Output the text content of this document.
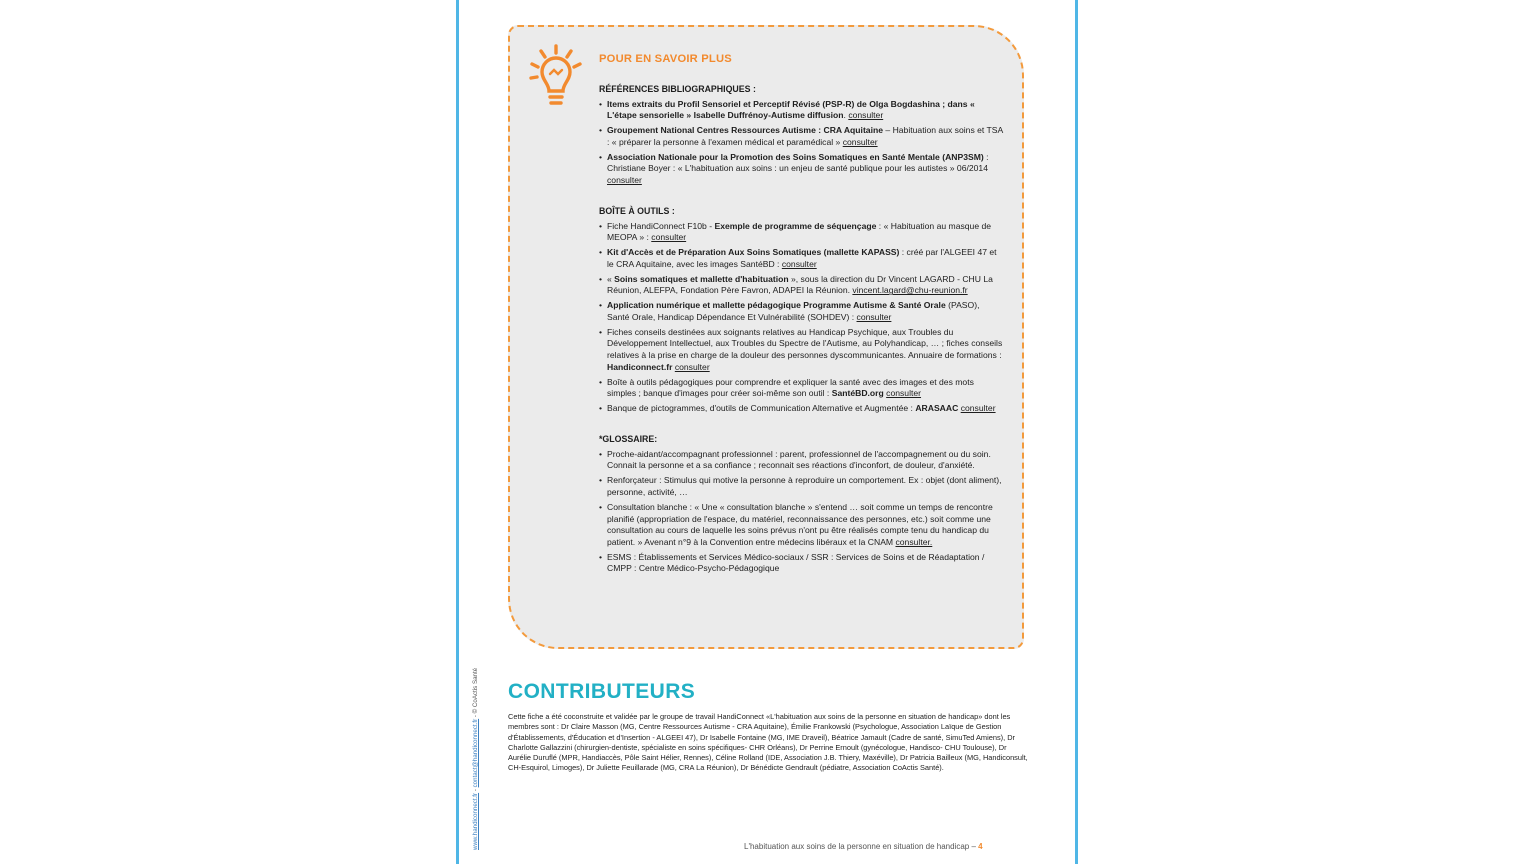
www.handiconnect.fr - contact@handiconnect.fr - © CoActis Santé
POUR EN SAVOIR PLUS
RÉFÉRENCES BIBLIOGRAPHIQUES :
• Items extraits du Profil Sensoriel et Perceptif Révisé (PSP-R) de Olga Bogdashina ; dans « L'étape sensorielle » Isabelle Duffrénoy-Autisme diffusion. consulter
• Groupement National Centres Ressources Autisme : CRA Aquitaine – Habituation aux soins et TSA : « préparer la personne à l'examen médical et paramédical » consulter
• Association Nationale pour la Promotion des Soins Somatiques en Santé Mentale (ANP3SM) : Christiane Boyer : « L'habituation aux soins : un enjeu de santé publique pour les autistes » 06/2014 consulter
BOÎTE À OUTILS :
• Fiche HandiConnect F10b - Exemple de programme de séquençage : « Habituation au masque de MEOPA » : consulter
• Kit d'Accès et de Préparation Aux Soins Somatiques (mallette KAPASS) : créé par l'ALGEEI 47 et le CRA Aquitaine, avec les images SantéBD : consulter
• « Soins somatiques et mallette d'habituation », sous la direction du Dr Vincent LAGARD - CHU La Réunion, ALEFPA, Fondation Père Favron, ADAPEI la Réunion. vincent.lagard@chu-reunion.fr
• Application numérique et mallette pédagogique Programme Autisme & Santé Orale (PASO), Santé Orale, Handicap Dépendance Et Vulnérabilité (SOHDEV) : consulter
• Fiches conseils destinées aux soignants relatives au Handicap Psychique, aux Troubles du Développement Intellectuel, aux Troubles du Spectre de l'Autisme, au Polyhandicap, … ; fiches conseils relatives à la prise en charge de la douleur des personnes dyscommunicantes. Annuaire de formations : Handiconnect.fr consulter
• Boîte à outils pédagogiques pour comprendre et expliquer la santé avec des images et des mots simples ; banque d'images pour créer soi-même son outil : SantéBD.org consulter
• Banque de pictogrammes, d'outils de Communication Alternative et Augmentée : ARASAAC consulter
*GLOSSAIRE:
• Proche-aidant/accompagnant professionnel : parent, professionnel de l'accompagnement ou du soin. Connait la personne et a sa confiance ; reconnait ses réactions d'inconfort, de douleur, d'anxiété.
• Renforçateur : Stimulus qui motive la personne à reproduire un comportement. Ex : objet (dont aliment), personne, activité, …
• Consultation blanche : « Une « consultation blanche » s'entend … soit comme un temps de rencontre planifié (appropriation de l'espace, du matériel, reconnaissance des personnes, etc.) soit comme une consultation au cours de laquelle les soins prévus n'ont pu être réalisés compte tenu du handicap du patient. » Avenant n°9 à la Convention entre médecins libéraux et la CNAM consulter.
• ESMS : Établissements et Services Médico-sociaux / SSR : Services de Soins et de Réadaptation / CMPP : Centre Médico-Psycho-Pédagogique
CONTRIBUTEURS
Cette fiche a été coconstruite et validée par le groupe de travail HandiConnect «L'habituation aux soins de la personne en situation de handicap» dont les membres sont : Dr Claire Masson (MG, Centre Ressources Autisme - CRA Aquitaine), Émilie Frankowski (Psychologue, Association Laïque de Gestion d'Établissements, d'Éducation et d'Insertion - ALGEEI 47), Dr Isabelle Fontaine (MG, IME Draveil), Béatrice Jamault (Cadre de santé, SimuTed Amiens), Dr Charlotte Gallazzini (chirurgien-dentiste, spécialiste en soins spécifiques- CHR Orléans), Dr Perrine Ernoult (gynécologue, Handisco- CHU Toulouse), Dr Aurélie Duruflé (MPR, Handiaccès, Pôle Saint Hélier, Rennes), Céline Rolland (IDE, Association J.B. Thiery, Maxéville), Dr Patricia Bailleux (MG, Handiconsult, CH-Esquirol, Limoges), Dr Juliette Feuillarade (MG, CRA La Réunion), Dr Bénédicte Gendrault (pédiatre, Association CoActis Santé).
L'habituation aux soins de la personne en situation de handicap – 4
